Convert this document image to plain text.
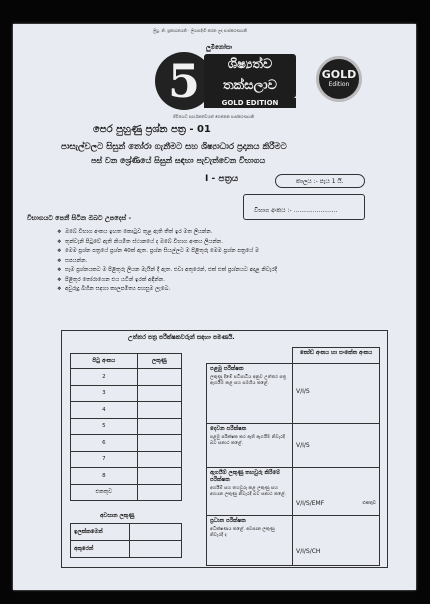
ලියු. නි. ප්‍රකාශනයකි - ලියාපදිංචි කරන ලද සංස්කරණයකි
ලුමිනෝසා
5	ශිෂ්‍යත්ව
තක්සලාව
GOLD EDITION
ජීවිතයට සාර්ථකත්වයක් ගෙනෙන සංස්කරණයකි
GOLD
Edition
පෙර පුහුණු ප්‍රශ්න පත්‍ර - 01
පාසැල්වලට සිසුන් තෝරා ගැනීමට සහ ශිෂ්‍යාධාර ප්‍රදානය කිරීමට
පස් වන ශ්‍රේණියේ සිසුන් සඳහා පැවැත්වෙන විභාගය
I - පත්‍රය	කාලය :- පැය 1 යි.
විභාග අංකය :- .......................
විභාගයට පෙනී සිටින ඔබට උපදෙස් -
❖ ඔබේ විභාග අංකය ඉහත කොටුව තුළ ඇති තීත් ඉර මත ලියන්න.
❖ තුන්වැනි පිටුවේ ඇති නියමිත ස්ථානයේ ද ඔබේ විභාග අංකය ලියන්න.
❖ මෙම ප්‍රශ්න පත්‍රයේ ප්‍රශ්න 40ක් ඇත. ප්‍රශ්න සියල්ලට ම පිළිතුරු මෙම ප්‍රශ්න පත්‍රයේ ම
❖ සපයන්න.
❖ සෑම ප්‍රශ්නයකට ම පිළිතුරු ලියන මැයින් දී ඇත. එවා අතුරෙන්, එක් එක් ප්‍රශ්නයට අදාළ නිවැරදි
❖ පිළිතුර තෝරාගෙන එය යටින් ඉරක් අඳින්න.
❖ අවුරුදු බිහින සඳහා කාලපමිත්‍ය පහසුම ලැබෙ.
උත්තර පත්‍ර පරීක්ෂකවරුන් සඳහා පමණයි.
පිටු අංකය	ලකුණු
2	
3	
4	
5	
6	
7	
8	
එකතුව	
අවසාන ලකුණු
ඉලක්කමෙන්	
අකුරෙන්	
	කෝඩ් අංකය හා සංකේත අංකය

පළමු පරීක්ෂක
ලකුණු දීමේ පටිපාටිය අනුව උත්තර පත්‍ර ඇගයීම කළ සහ සමගිය කළේ.	V/I/S

දෙවන පරීක්ෂක
පළමු පරීක්ෂක කර ඇති ඇගයීම නිවැරදි බව සනාථ කළේ.	V/I/S

ඇගයීම් ලකුණු තහවුරු කිරීමේ පරීක්ෂක
අගයීම් සහ තහවුරු කළ ලකුණු සහ අගයන ලකුණු නිවැරදි බව සනාථ කළේ.	V/I/S/EMF එකතුව

ප්‍රධාන පරීක්ෂක
අධීක්ෂණය කළේ. අවසාන ලකුණු නිවැරදි ද	V/I/S/CH
